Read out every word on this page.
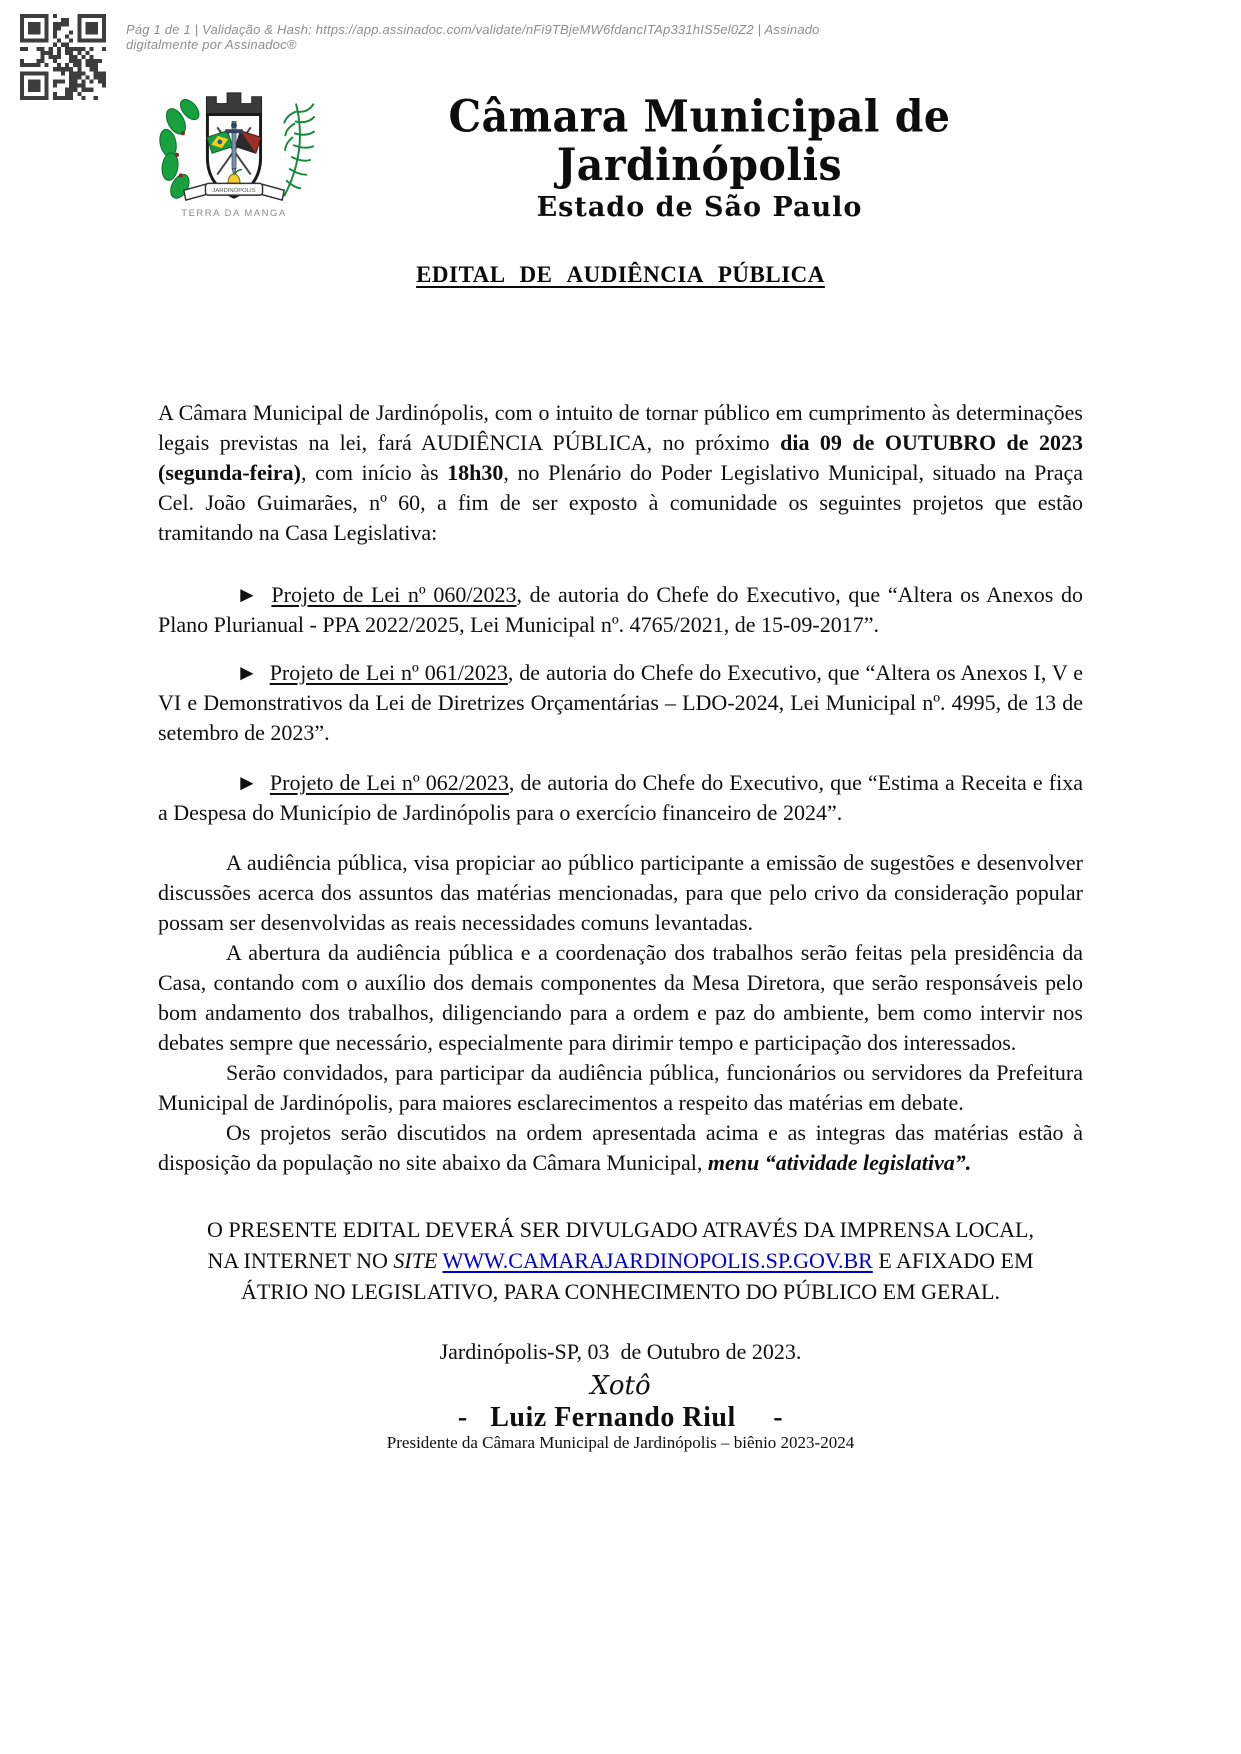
Pág 1 de 1 | Validação & Hash: https://app.assinadoc.com/validate/nFi9TBjeMW6fdancITAp331hIS5el0Z2 | Assinado digitalmente por Assinadoc®
JARDINÓPOLIS
TERRA DA MANGA
Câmara Municipal de Jardinópolis
Estado de São Paulo
EDITAL DE AUDIÊNCIA PÚBLICA

A Câmara Municipal de Jardinópolis, com o intuito de tornar público em cumprimento às determinações legais previstas na lei, fará AUDIÊNCIA PÚBLICA, no próximo dia 09 de OUTUBRO de 2023 (segunda-feira), com início às 18h30, no Plenário do Poder Legislativo Municipal, situado na Praça Cel. João Guimarães, nº 60, a fim de ser exposto à comunidade os seguintes projetos que estão tramitando na Casa Legislativa:

► Projeto de Lei nº 060/2023, de autoria do Chefe do Executivo, que “Altera os Anexos do Plano Plurianual - PPA 2022/2025, Lei Municipal nº. 4765/2021, de 15-09-2017”.

► Projeto de Lei nº 061/2023, de autoria do Chefe do Executivo, que “Altera os Anexos I, V e VI e Demonstrativos da Lei de Diretrizes Orçamentárias – LDO-2024, Lei Municipal nº. 4995, de 13 de setembro de 2023”.

► Projeto de Lei nº 062/2023, de autoria do Chefe do Executivo, que “Estima a Receita e fixa a Despesa do Município de Jardinópolis para o exercício financeiro de 2024”.

A audiência pública, visa propiciar ao público participante a emissão de sugestões e desenvolver discussões acerca dos assuntos das matérias mencionadas, para que pelo crivo da consideração popular possam ser desenvolvidas as reais necessidades comuns levantadas.

A abertura da audiência pública e a coordenação dos trabalhos serão feitas pela presidência da Casa, contando com o auxílio dos demais componentes da Mesa Diretora, que serão responsáveis pelo bom andamento dos trabalhos, diligenciando para a ordem e paz do ambiente, bem como intervir nos debates sempre que necessário, especialmente para dirimir tempo e participação dos interessados.

Serão convidados, para participar da audiência pública, funcionários ou servidores da Prefeitura Municipal de Jardinópolis, para maiores esclarecimentos a respeito das matérias em debate.

Os projetos serão discutidos na ordem apresentada acima e as integras das matérias estão à disposição da população no site abaixo da Câmara Municipal, menu “atividade legislativa”.

O PRESENTE EDITAL DEVERÁ SER DIVULGADO ATRAVÉS DA IMPRENSA LOCAL, NA INTERNET NO SITE WWW.CAMARAJARDINOPOLIS.SP.GOV.BR E AFIXADO EM ÁTRIO NO LEGISLATIVO, PARA CONHECIMENTO DO PÚBLICO EM GERAL.

Jardinópolis-SP, 03  de Outubro de 2023.

Xotô

-   Luiz Fernando Riul     -

Presidente da Câmara Municipal de Jardinópolis – biênio 2023-2024
